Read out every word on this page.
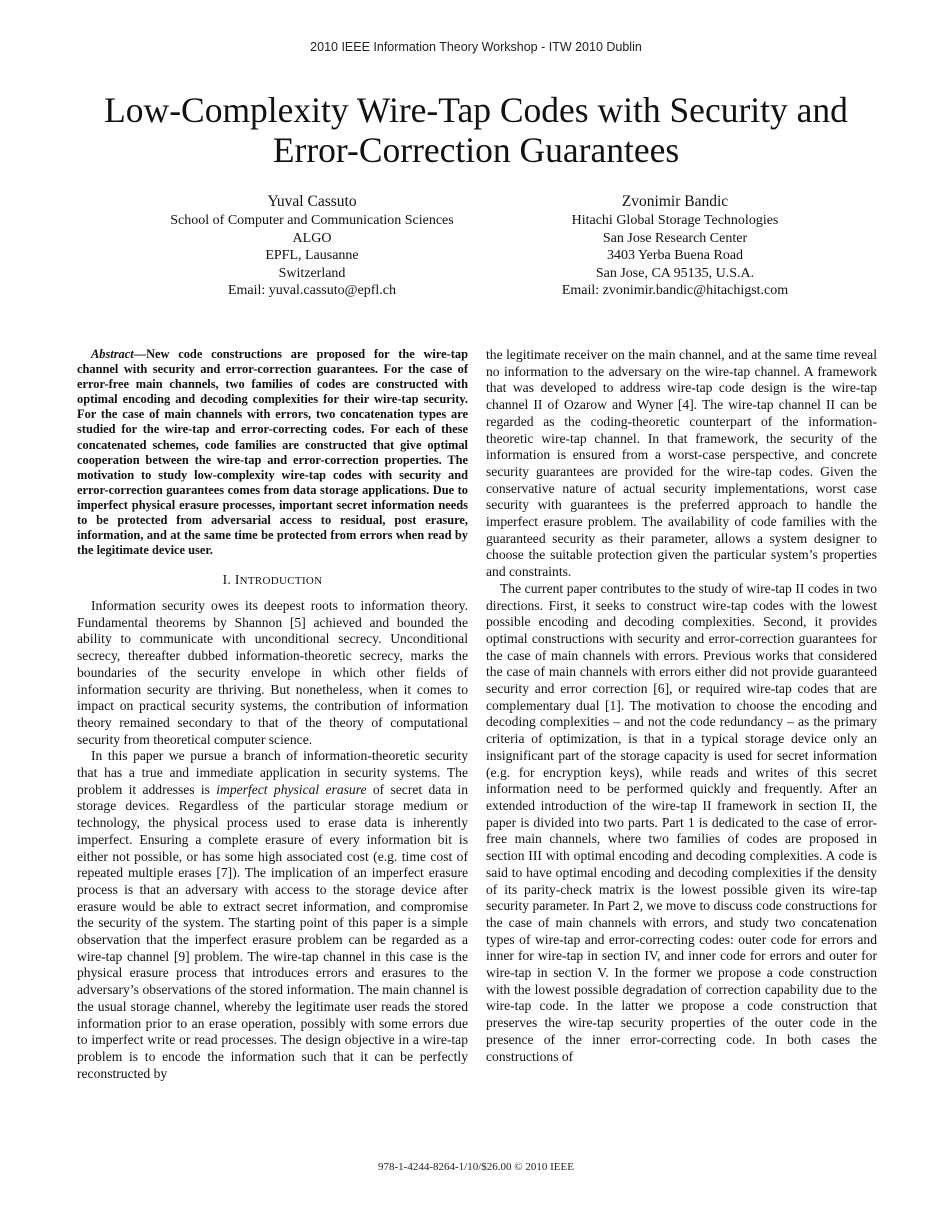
2010 IEEE Information Theory Workshop - ITW 2010 Dublin
Low-Complexity Wire-Tap Codes with Security and Error-Correction Guarantees
Yuval Cassuto
School of Computer and Communication Sciences
ALGO
EPFL, Lausanne
Switzerland
Email: yuval.cassuto@epfl.ch
Zvonimir Bandic
Hitachi Global Storage Technologies
San Jose Research Center
3403 Yerba Buena Road
San Jose, CA 95135, U.S.A.
Email: zvonimir.bandic@hitachigst.com

Abstract—New code constructions are proposed for the wire-tap channel with security and error-correction guarantees. For the case of error-free main channels, two families of codes are constructed with optimal encoding and decoding complexities for their wire-tap security. For the case of main channels with errors, two concatenation types are studied for the wire-tap and error-correcting codes. For each of these concatenated schemes, code families are constructed that give optimal cooperation between the wire-tap and error-correction properties. The motivation to study low-complexity wire-tap codes with security and error-correction guarantees comes from data storage applications. Due to imperfect physical erasure processes, important secret information needs to be protected from adversarial access to residual, post erasure, information, and at the same time be protected from errors when read by the legitimate device user.

I. INTRODUCTION

Information security owes its deepest roots to information theory. Fundamental theorems by Shannon [5] achieved and bounded the ability to communicate with unconditional secrecy. Unconditional secrecy, thereafter dubbed information-theoretic secrecy, marks the boundaries of the security envelope in which other fields of information security are thriving. But nonetheless, when it comes to impact on practical security systems, the contribution of information theory remained secondary to that of the theory of computational security from theoretical computer science.

In this paper we pursue a branch of information-theoretic security that has a true and immediate application in security systems. The problem it addresses is imperfect physical erasure of secret data in storage devices. Regardless of the particular storage medium or technology, the physical process used to erase data is inherently imperfect. Ensuring a complete erasure of every information bit is either not possible, or has some high associated cost (e.g. time cost of repeated multiple erases [7]). The implication of an imperfect erasure process is that an adversary with access to the storage device after erasure would be able to extract secret information, and compromise the security of the system. The starting point of this paper is a simple observation that the imperfect erasure problem can be regarded as a wire-tap channel [9] problem. The wire-tap channel in this case is the physical erasure process that introduces errors and erasures to the adversary’s observations of the stored information. The main channel is the usual storage channel, whereby the legitimate user reads the stored information prior to an erase operation, possibly with some errors due to imperfect write or read processes. The design objective in a wire-tap problem is to encode the information such that it can be perfectly reconstructed by

the legitimate receiver on the main channel, and at the same time reveal no information to the adversary on the wire-tap channel. A framework that was developed to address wire-tap code design is the wire-tap channel II of Ozarow and Wyner [4]. The wire-tap channel II can be regarded as the coding-theoretic counterpart of the information-theoretic wire-tap channel. In that framework, the security of the information is ensured from a worst-case perspective, and concrete security guarantees are provided for the wire-tap codes. Given the conservative nature of actual security implementations, worst case security with guarantees is the preferred approach to handle the imperfect erasure problem. The availability of code families with the guaranteed security as their parameter, allows a system designer to choose the suitable protection given the particular system’s properties and constraints.

The current paper contributes to the study of wire-tap II codes in two directions. First, it seeks to construct wire-tap codes with the lowest possible encoding and decoding complexities. Second, it provides optimal constructions with security and error-correction guarantees for the case of main channels with errors. Previous works that considered the case of main channels with errors either did not provide guaranteed security and error correction [6], or required wire-tap codes that are complementary dual [1]. The motivation to choose the encoding and decoding complexities – and not the code redundancy – as the primary criteria of optimization, is that in a typical storage device only an insignificant part of the storage capacity is used for secret information (e.g. for encryption keys), while reads and writes of this secret information need to be performed quickly and frequently. After an extended introduction of the wire-tap II framework in section II, the paper is divided into two parts. Part 1 is dedicated to the case of error-free main channels, where two families of codes are proposed in section III with optimal encoding and decoding complexities. A code is said to have optimal encoding and decoding complexities if the density of its parity-check matrix is the lowest possible given its wire-tap security parameter. In Part 2, we move to discuss code constructions for the case of main channels with errors, and study two concatenation types of wire-tap and error-correcting codes: outer code for errors and inner for wire-tap in section IV, and inner code for errors and outer for wire-tap in section V. In the former we propose a code construction with the lowest possible degradation of correction capability due to the wire-tap code. In the latter we propose a code construction that preserves the wire-tap security properties of the outer code in the presence of the inner error-correcting code. In both cases the constructions of

978-1-4244-8264-1/10/$26.00 © 2010 IEEE
